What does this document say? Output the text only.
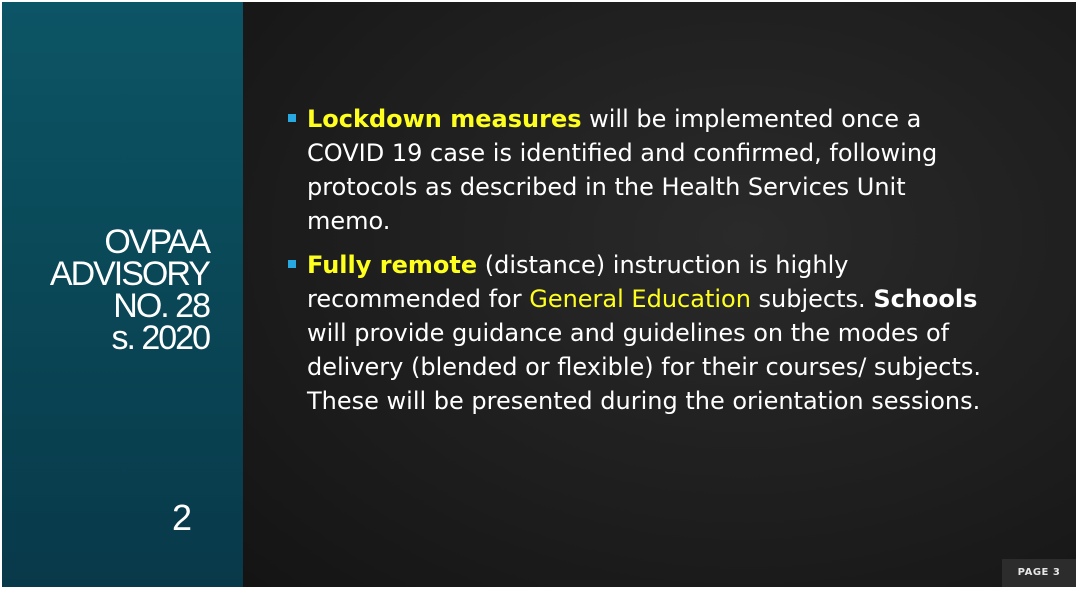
OVPAA
ADVISORY
NO. 28
s. 2020
2
Lockdown measures will be implemented once a COVID 19 case is identified and confirmed, following protocols as described in the Health Services Unit memo.
Fully remote (distance) instruction is highly recommended for General Education subjects. Schools will provide guidance and guidelines on the modes of delivery (blended or flexible) for their courses/ subjects. These will be presented during the orientation sessions.
PAGE 3
